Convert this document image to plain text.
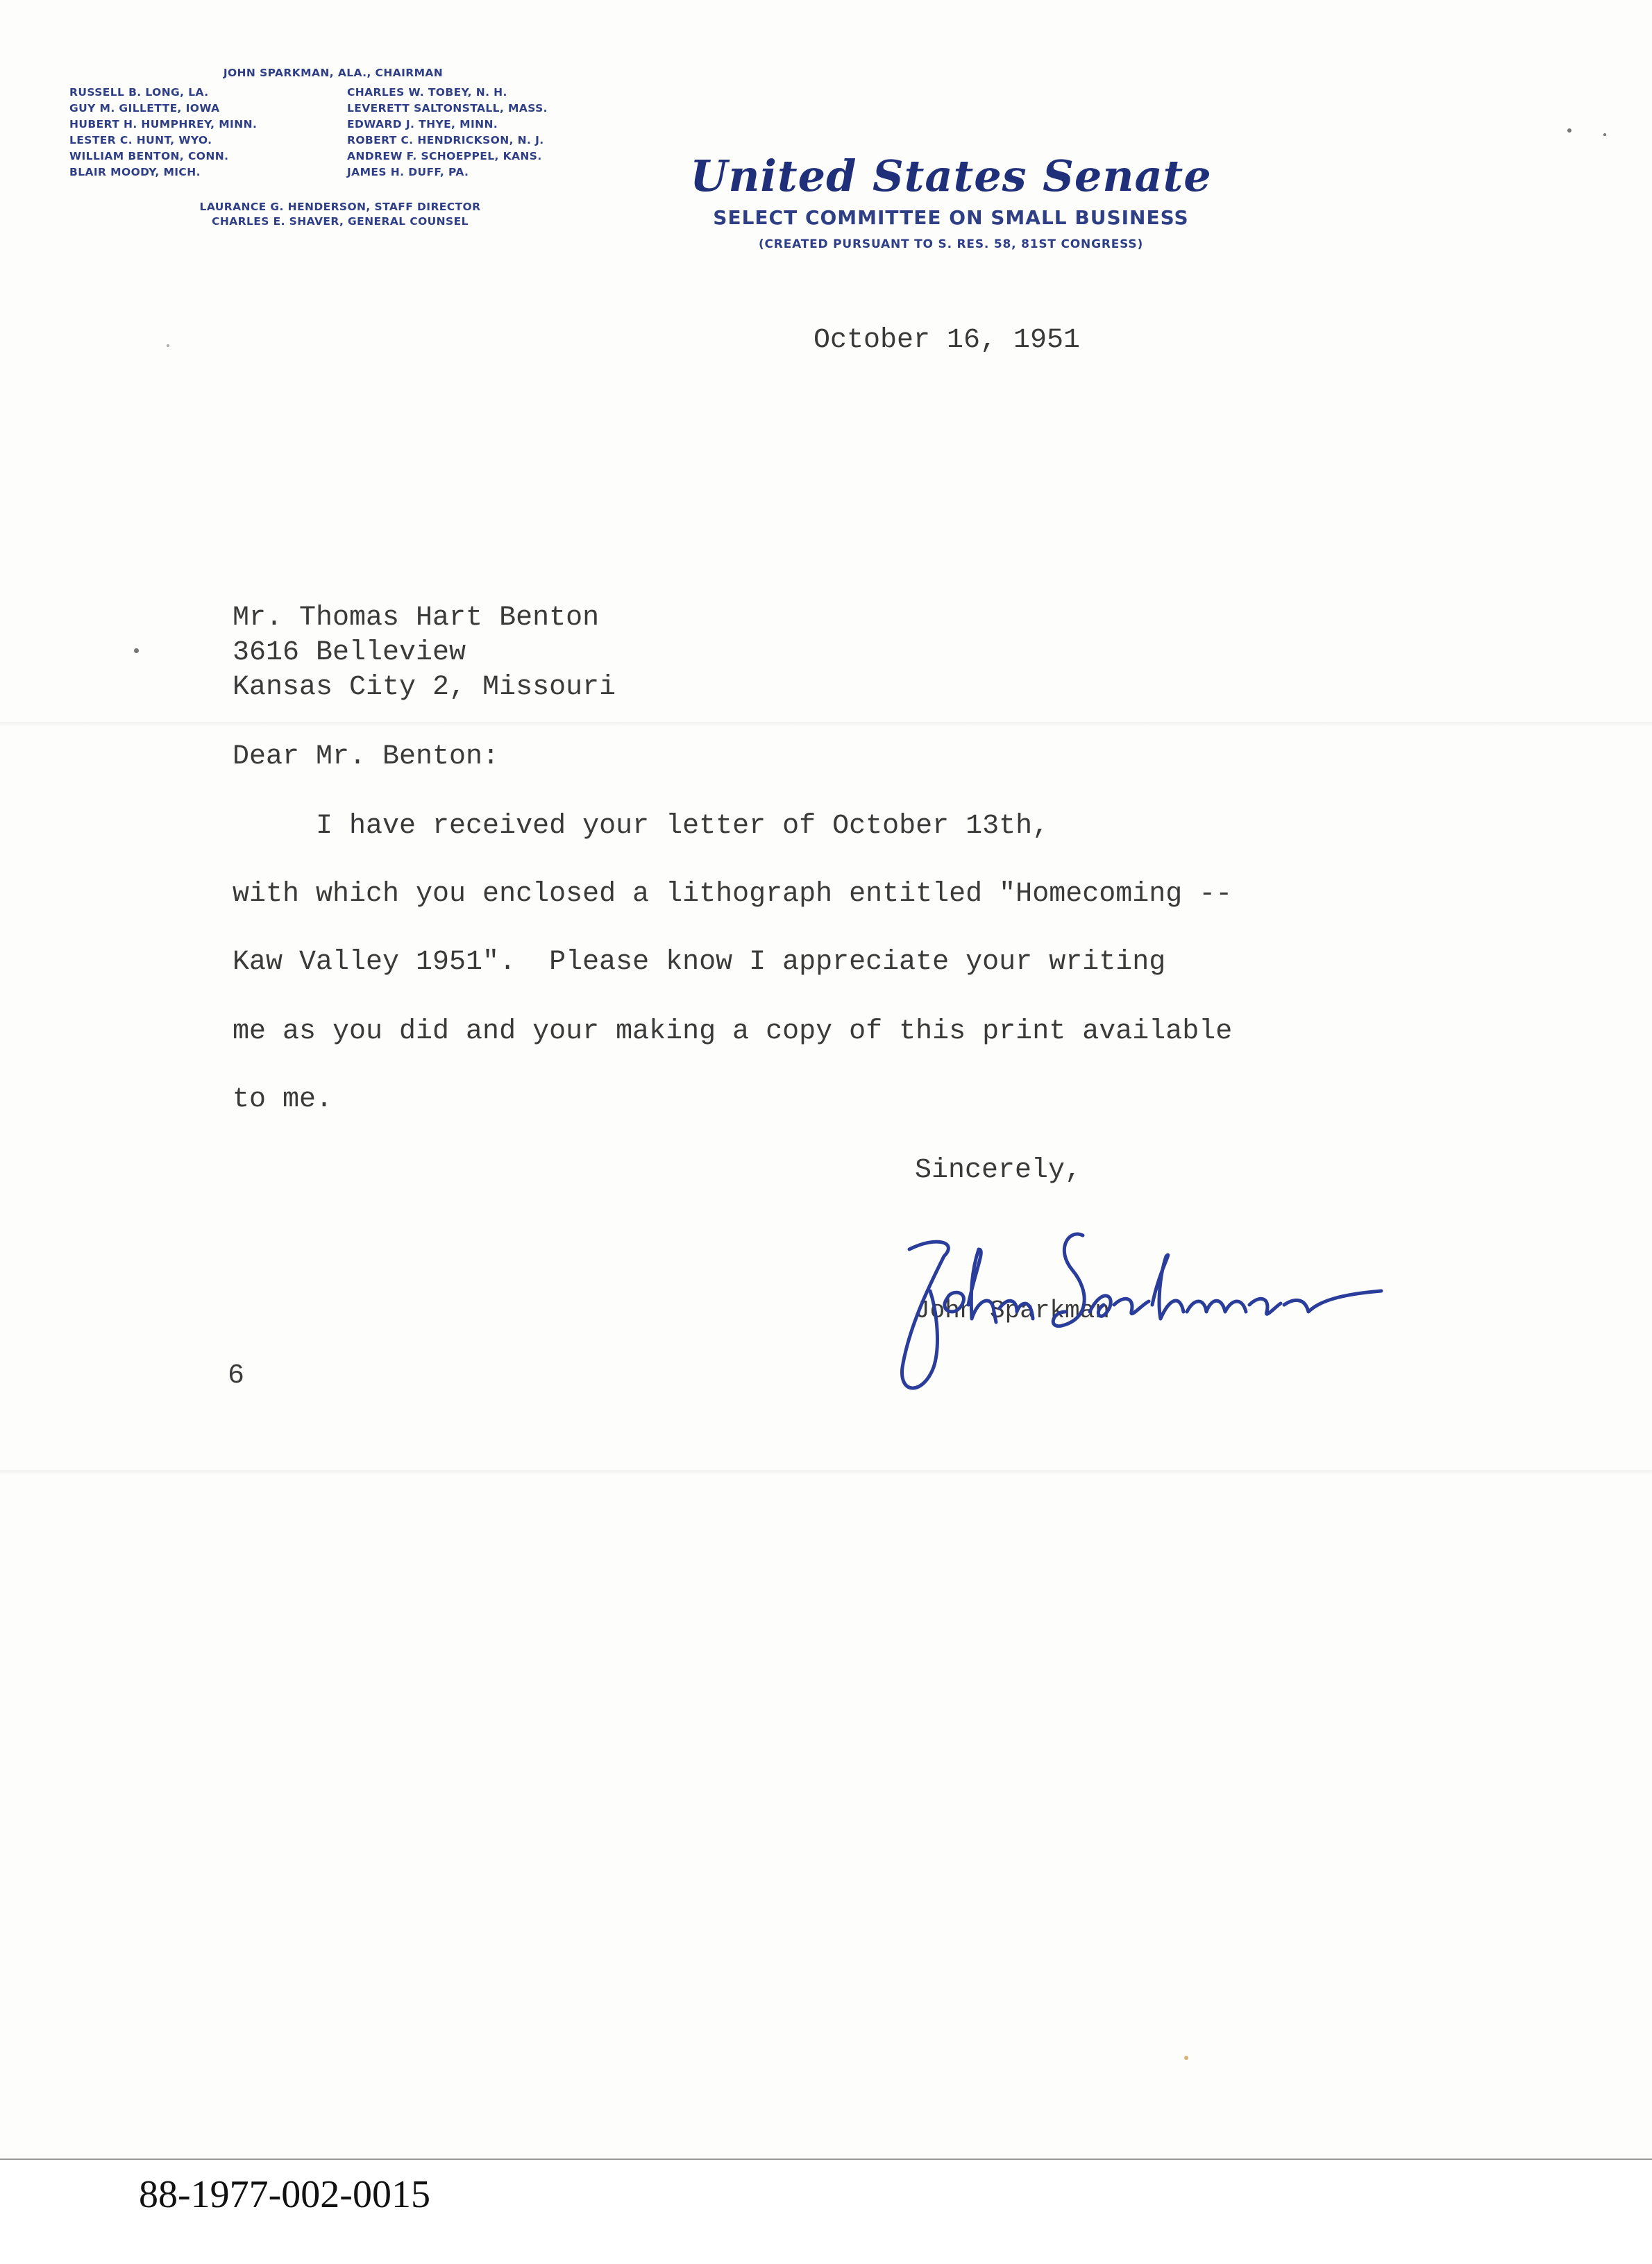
JOHN SPARKMAN, ALA., CHAIRMAN
RUSSELL B. LONG, LA.	CHARLES W. TOBEY, N. H.
GUY M. GILLETTE, IOWA	LEVERETT SALTONSTALL, MASS.
HUBERT H. HUMPHREY, MINN.	EDWARD J. THYE, MINN.
LESTER C. HUNT, WYO.	ROBERT C. HENDRICKSON, N. J.
WILLIAM BENTON, CONN.	ANDREW F. SCHOEPPEL, KANS.
BLAIR MOODY, MICH.	JAMES H. DUFF, PA.
LAURANCE G. HENDERSON, STAFF DIRECTOR
CHARLES E. SHAVER, GENERAL COUNSEL
United States Senate
SELECT COMMITTEE ON SMALL BUSINESS
(CREATED PURSUANT TO S. RES. 58, 81ST CONGRESS)
October 16, 1951
Mr. Thomas Hart Benton
3616 Belleview
Kansas City 2, Missouri
Dear Mr. Benton:
I have received your letter of October 13th,
with which you enclosed a lithograph entitled "Homecoming --
Kaw Valley 1951".  Please know I appreciate your writing
me as you did and your making a copy of this print available
to me.
Sincerely,
John Sparkman
6
88-1977-002-0015
